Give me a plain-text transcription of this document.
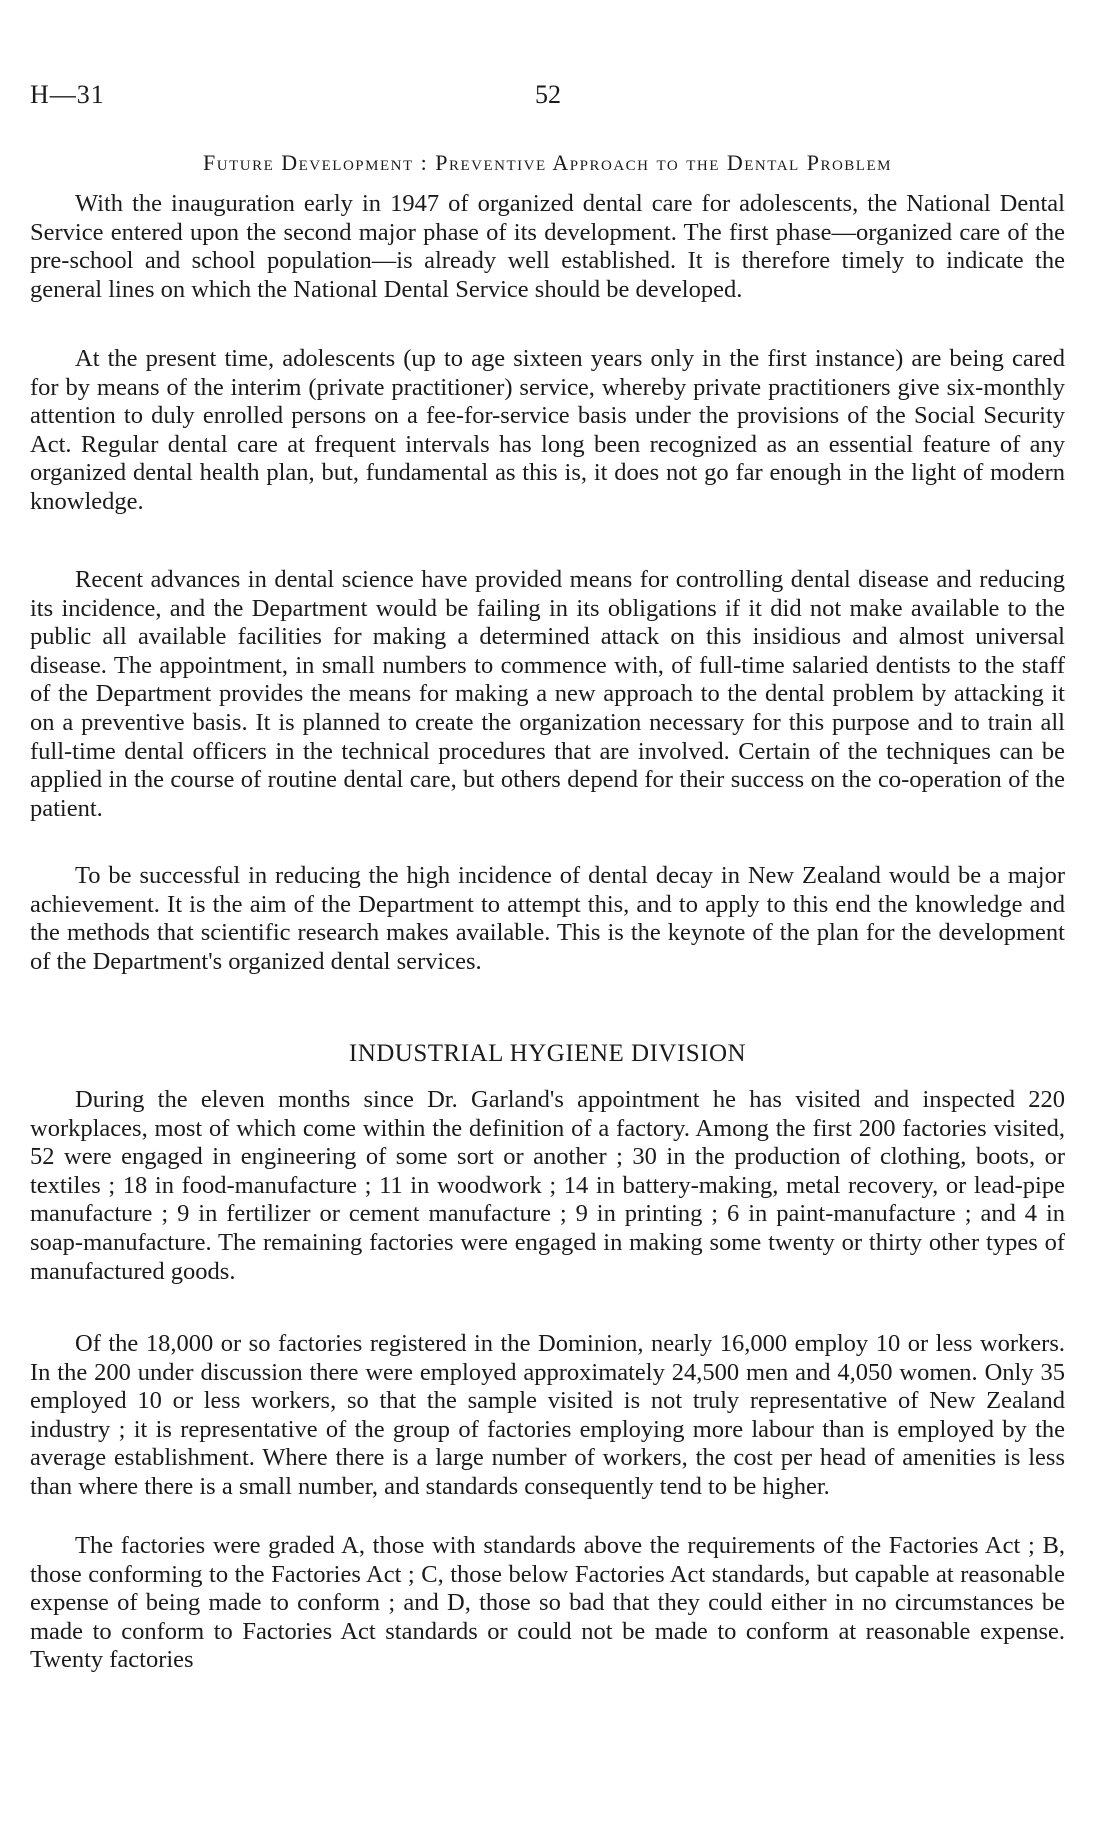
H—31	52
Future Development : Preventive Approach to the Dental Problem

With the inauguration early in 1947 of organized dental care for adolescents, the National Dental Service entered upon the second major phase of its development. The first phase—organized care of the pre-school and school population—is already well established. It is therefore timely to indicate the general lines on which the National Dental Service should be developed.

At the present time, adolescents (up to age sixteen years only in the first instance) are being cared for by means of the interim (private practitioner) service, whereby private practitioners give six-monthly attention to duly enrolled persons on a fee-for-service basis under the provisions of the Social Security Act. Regular dental care at frequent intervals has long been recognized as an essential feature of any organized dental health plan, but, fundamental as this is, it does not go far enough in the light of modern knowledge.

Recent advances in dental science have provided means for controlling dental disease and reducing its incidence, and the Department would be failing in its obligations if it did not make available to the public all available facilities for making a determined attack on this insidious and almost universal disease. The appointment, in small numbers to commence with, of full-time salaried dentists to the staff of the Department provides the means for making a new approach to the dental problem by attacking it on a preventive basis. It is planned to create the organization necessary for this purpose and to train all full-time dental officers in the technical procedures that are involved. Certain of the techniques can be applied in the course of routine dental care, but others depend for their success on the co-operation of the patient.

To be successful in reducing the high incidence of dental decay in New Zealand would be a major achievement. It is the aim of the Department to attempt this, and to apply to this end the knowledge and the methods that scientific research makes available. This is the keynote of the plan for the development of the Department's organized dental services.

INDUSTRIAL HYGIENE DIVISION

During the eleven months since Dr. Garland's appointment he has visited and inspected 220 workplaces, most of which come within the definition of a factory. Among the first 200 factories visited, 52 were engaged in engineering of some sort or another ; 30 in the production of clothing, boots, or textiles ; 18 in food-manufacture ; 11 in woodwork ; 14 in battery-making, metal recovery, or lead-pipe manufacture ; 9 in fertilizer or cement manufacture ; 9 in printing ; 6 in paint-manufacture ; and 4 in soap-manufacture. The remaining factories were engaged in making some twenty or thirty other types of manufactured goods.

Of the 18,000 or so factories registered in the Dominion, nearly 16,000 employ 10 or less workers. In the 200 under discussion there were employed approximately 24,500 men and 4,050 women. Only 35 employed 10 or less workers, so that the sample visited is not truly representative of New Zealand industry ; it is representative of the group of factories employing more labour than is employed by the average establishment. Where there is a large number of workers, the cost per head of amenities is less than where there is a small number, and standards consequently tend to be higher.

The factories were graded A, those with standards above the requirements of the Factories Act ; B, those conforming to the Factories Act ; C, those below Factories Act standards, but capable at reasonable expense of being made to conform ; and D, those so bad that they could either in no circumstances be made to conform to Factories Act standards or could not be made to conform at reasonable expense. Twenty factories
